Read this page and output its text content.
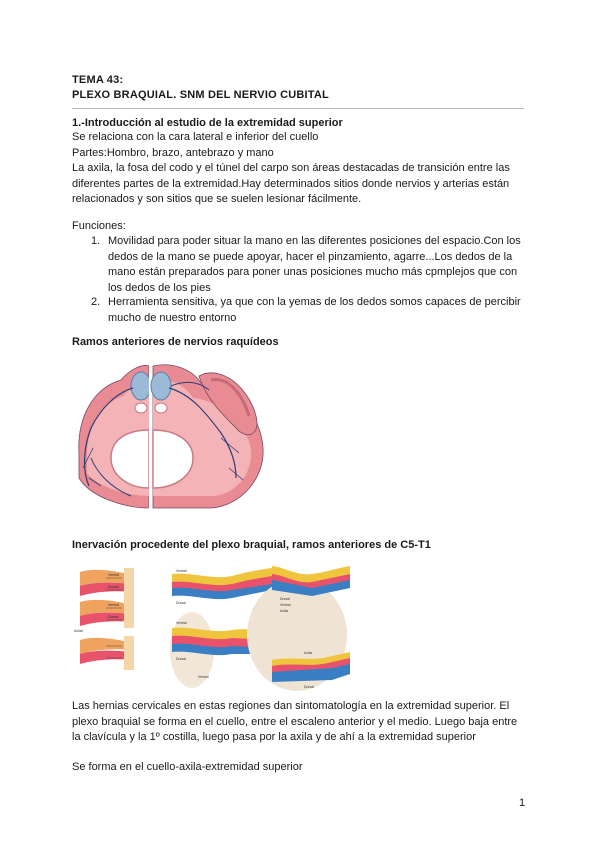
TEMA 43:
PLEXO BRAQUIAL. SNM DEL NERVIO CUBITAL
1.-Introducción al estudio de la extremidad superior
Se relaciona con la cara lateral e inferior del cuello
Partes:Hombro, brazo, antebrazo y mano
La axila, la fosa del codo y el túnel del carpo son áreas destacadas de transición entre las
diferentes partes de la extremidad.Hay determinados sitios donde nervios y arterias están
relacionados y son sitios que se suelen lesionar fácilmente.
Funciones:
1. Movilidad para poder situar la mano en las diferentes posiciones del espacio.Con los
dedos de la mano se puede apoyar, hacer el pinzamiento, agarre...Los dedos de la
mano están preparados para poner unas posiciones mucho más cpmplejos que con
los dedos de los pies
2. Herramienta sensitiva, ya que con la yemas de los dedos somos capaces de percibir
mucho de nuestro entorno
Ramos anteriores de nervios raquídeos
Inervación procedente del plexo braquial, ramos anteriores de C5-T1
Ventral
Dorsal
Ventral
Dorsal
Axilar
Ventral
Dorsal
Ventral
Dorsal
Ventral
Dorsal
Ventral
Axilar
Axilar
Dorsal
Las hernias cervicales en estas regiones dan sintomatología en la extremidad superior. El
plexo braquial se forma en el cuello, entre el escaleno anterior y el medio. Luego baja entre
la clavícula y la 1º costilla, luego pasa por la axila y de ahí a la extremidad superior
Se forma en el cuello-axila-extremidad superior
1
